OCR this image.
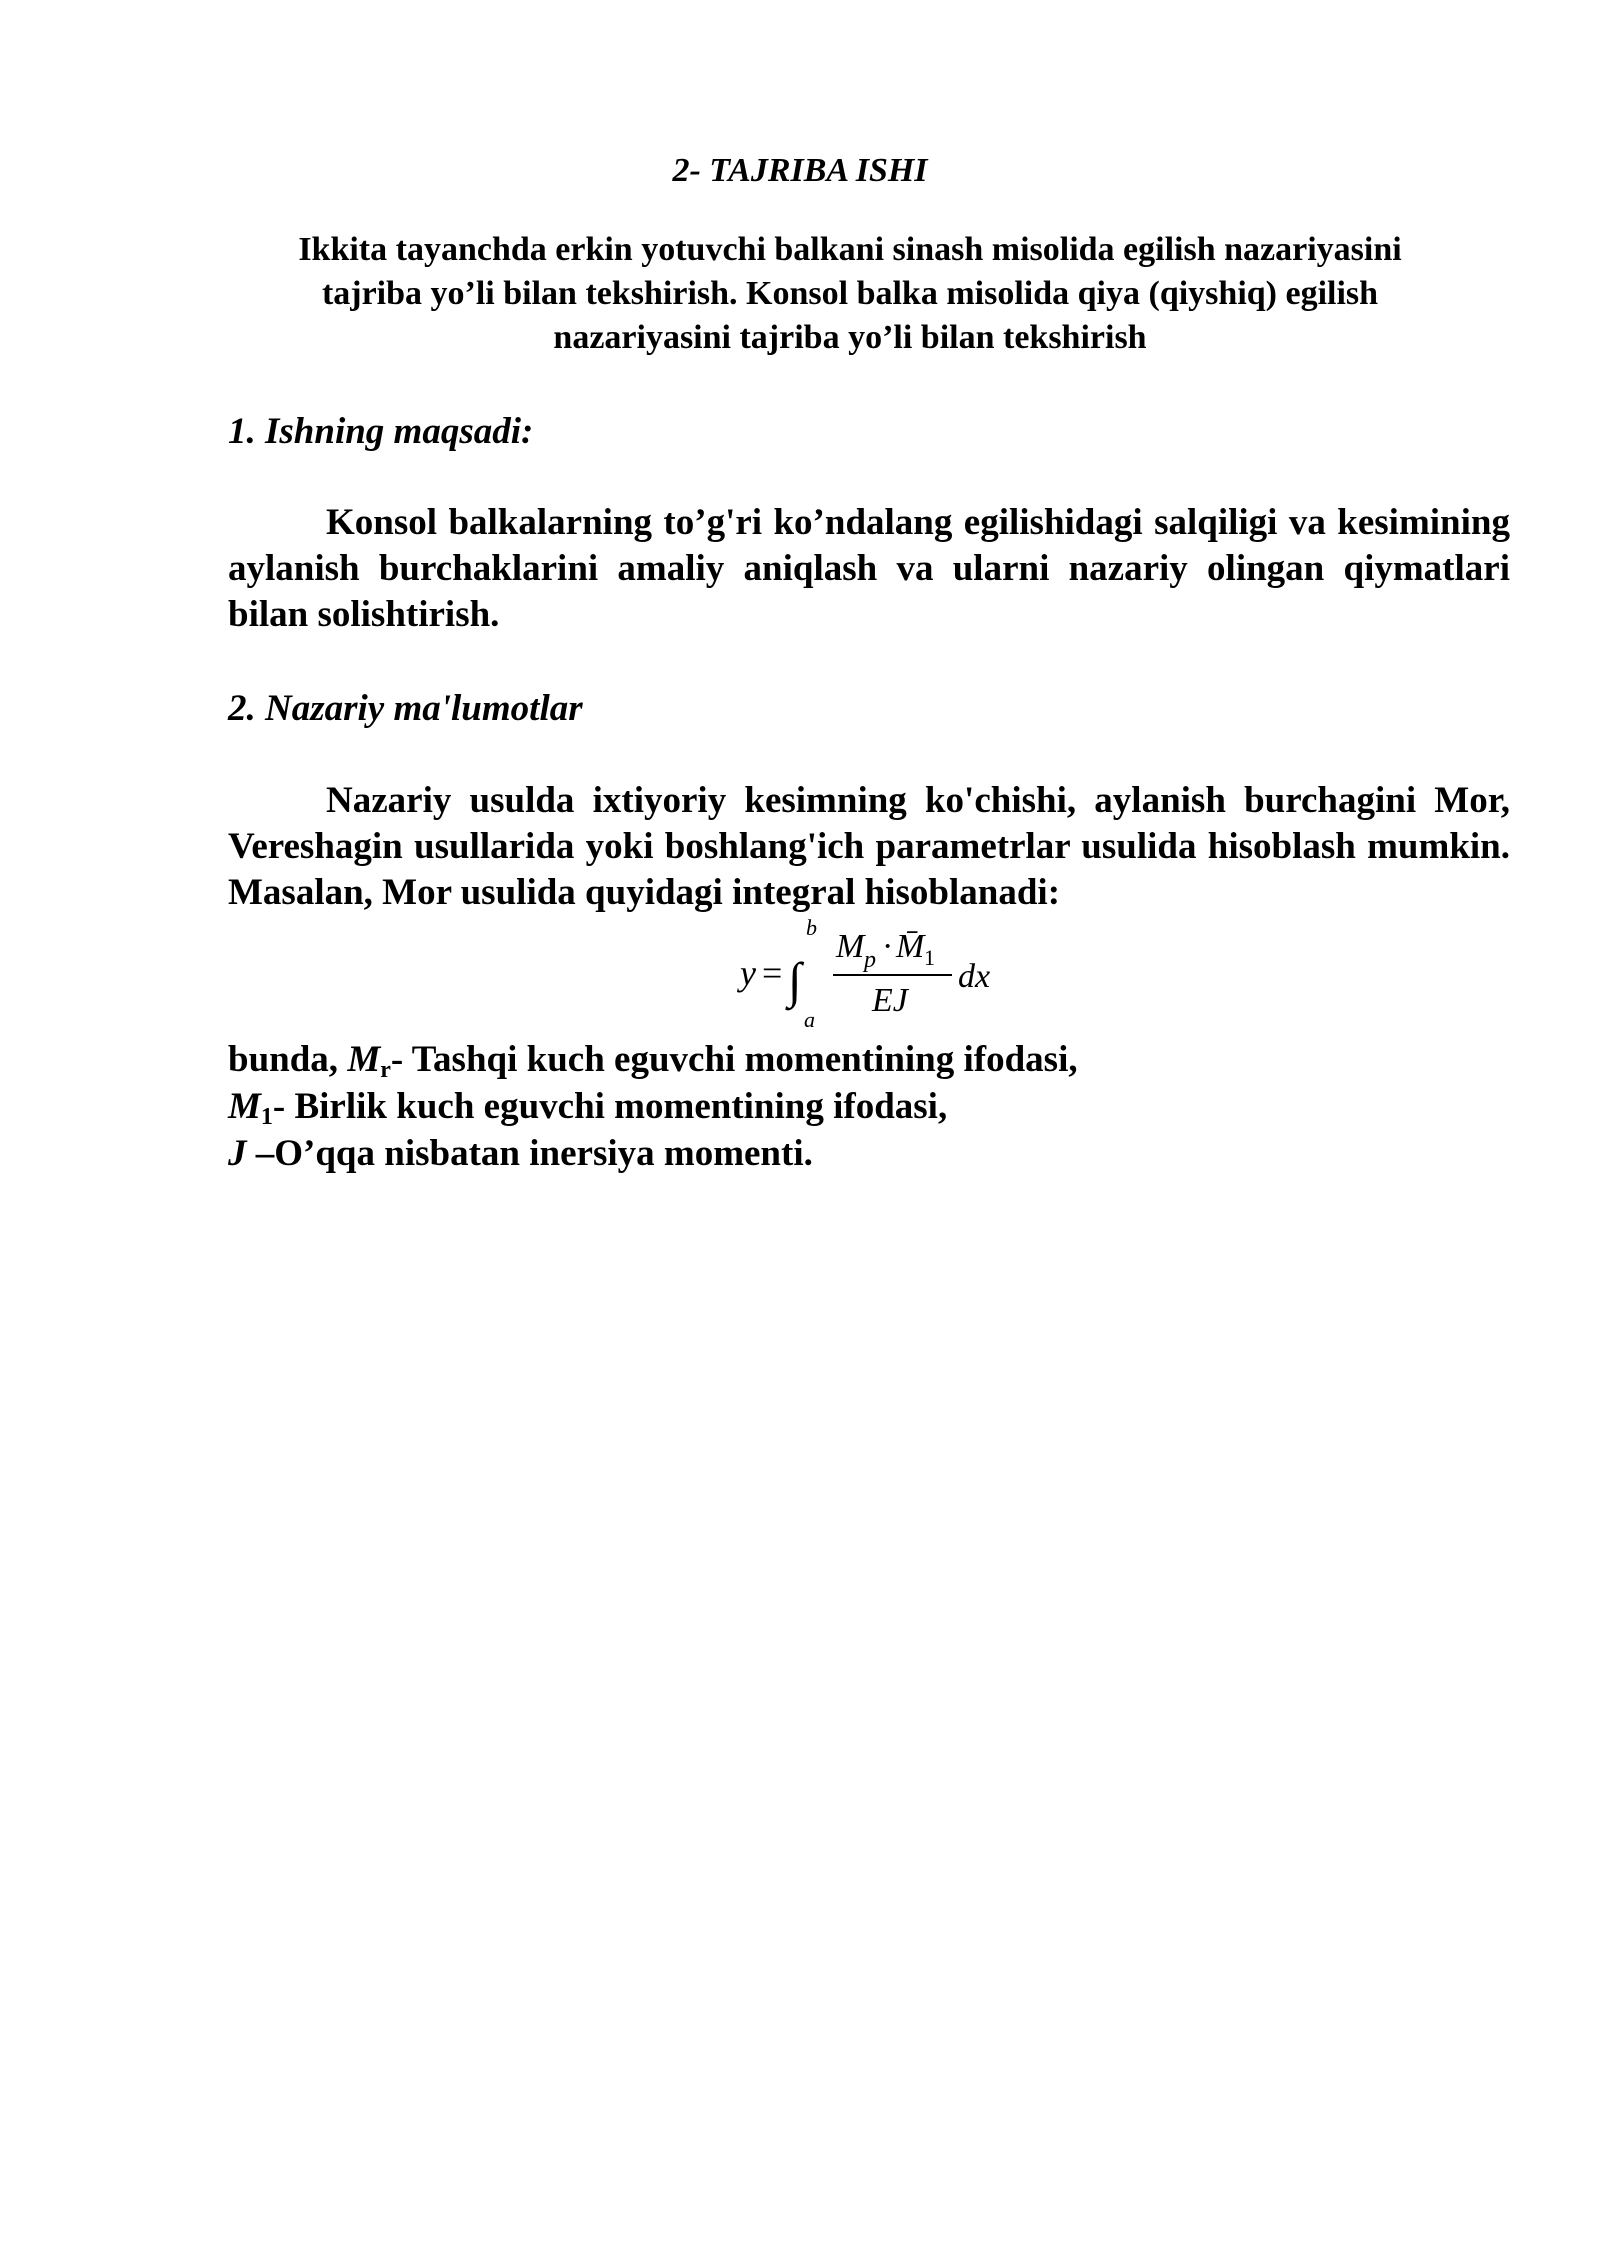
2- TAJRIBA ISHI
Ikkita tayanchda erkin yotuvchi balkani sinash misolida egilish nazariyasini
tajriba yo’li bilan tekshirish. Konsol balka misolida qiya (qiyshiq) egilish
nazariyasini tajriba yo’li bilan tekshirish
1. Ishning maqsadi:
Konsol balkalarning to’g'ri ko’ndalang egilishidagi salqiligi va kesimining aylanish burchaklarini amaliy aniqlash va ularni nazariy olingan qiymatlari bilan solishtirish.
2. Nazariy ma'lumotlar
Nazariy usulda ixtiyoriy kesimning ko'chishi, aylanish burchagini Mor, Vereshagin usullarida yoki boshlang'ich parametrlar usulida hisoblash mumkin. Masalan, Mor usulida quyidagi integral hisoblanadi:
y = ∫
b
a
M p · M̄ 1
EJ
dx
bunda, $M_r-$ Tashqi kuch eguvchi momentining ifodasi,
$M_1-$ Birlik kuch eguvchi momentining ifodasi,
J –O’qqa nisbatan inersiya momenti.
